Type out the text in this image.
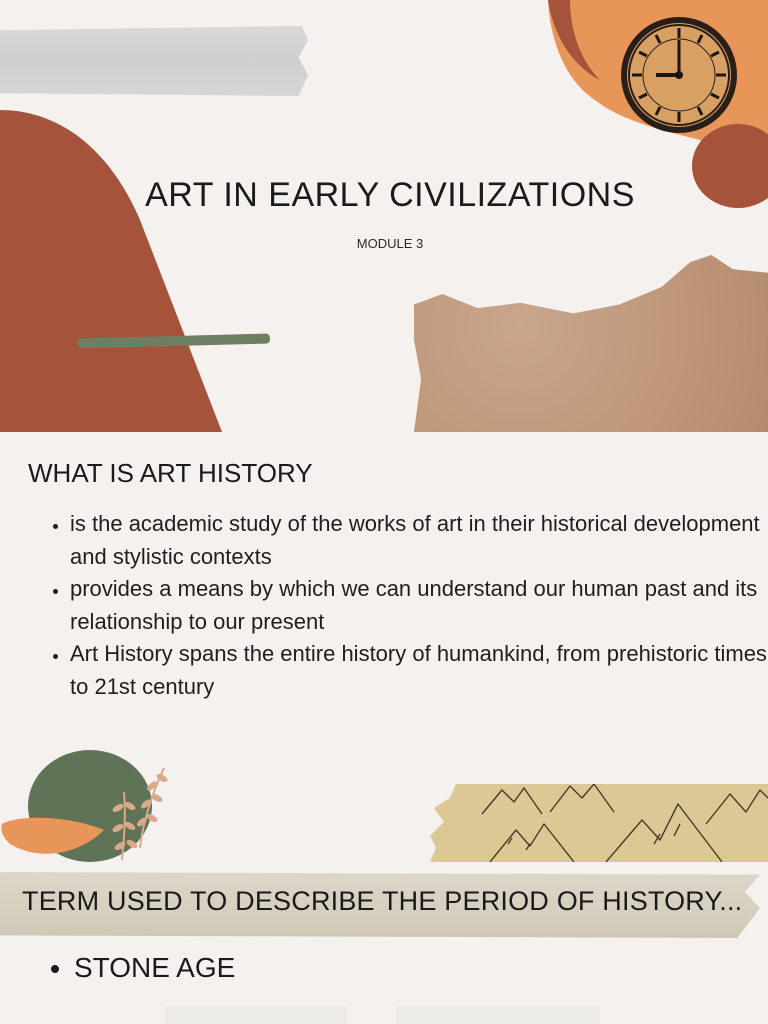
ART IN EARLY CIVILIZATIONS
MODULE 3
WHAT IS ART HISTORY
• is the academic study of the works of art in their historical development and stylistic contexts
• provides a means by which we can understand our human past and its relationship to our present
• Art History spans the entire history of humankind, from prehistoric times to 21st century
TERM USED TO DESCRIBE THE PERIOD OF HISTORY...
• STONE AGE
